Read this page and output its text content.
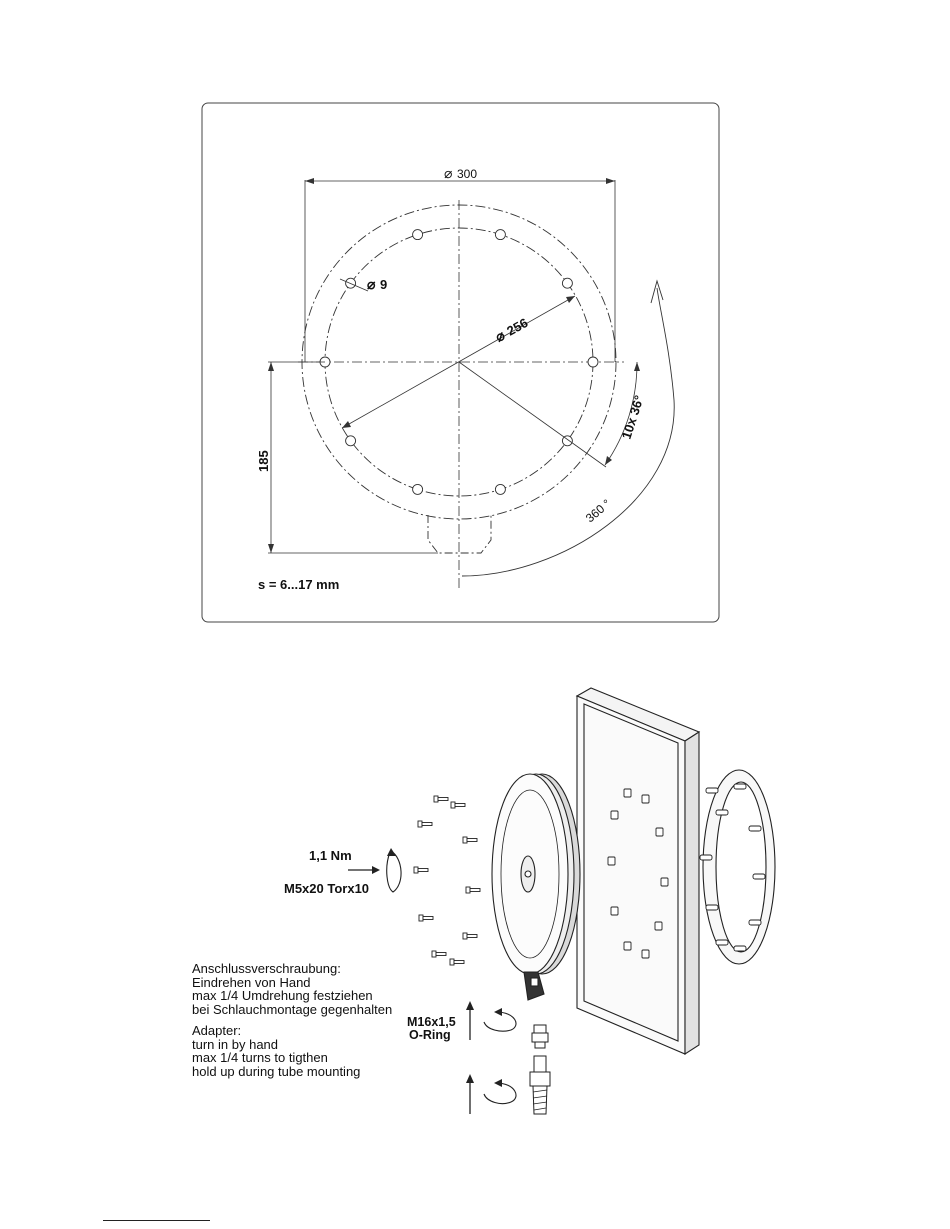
⌀ 300
⌀
256
⌀ 9
10x 36°
360 °
185
s = 6...17 mm
1,1 Nm
M5x20 Torx10
M16x1,5
O-Ring
Anschlussverschraubung:
Eindrehen von Hand
max 1/4 Umdrehung festziehen
bei Schlauchmontage gegenhalten
Adapter:
turn in by hand
max 1/4 turns to tigthen
hold up during tube mounting
